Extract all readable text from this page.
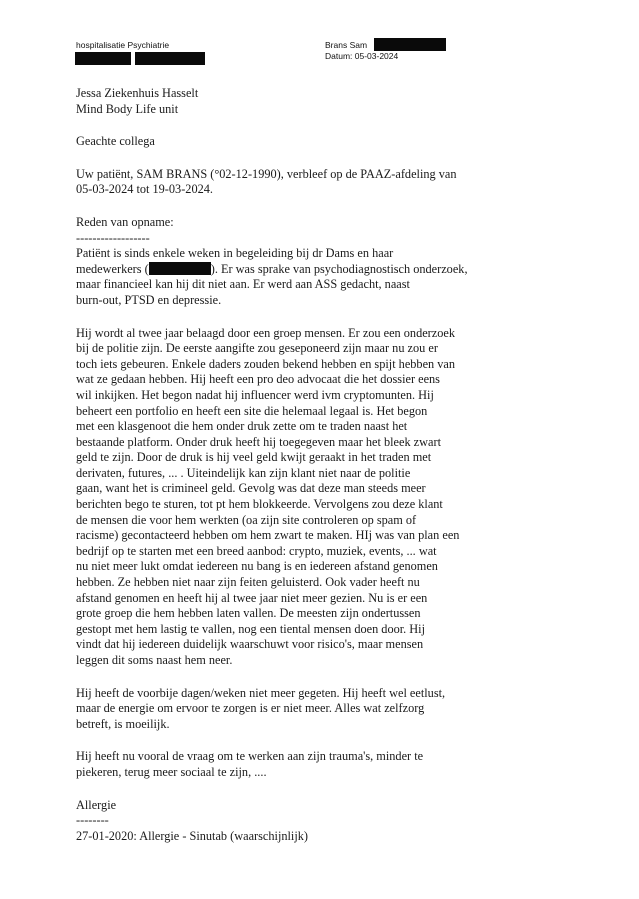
hospitalisatie Psychiatrie	Brans Sam
Datum: 05-03-2024
Jessa Ziekenhuis Hasselt
Mind Body Life unit
Geachte collega
Uw patiënt, SAM BRANS (°02-12-1990), verbleef op de PAAZ-afdeling van
05-03-2024 tot 19-03-2024.
Reden van opname:
------------------
Patiënt is sinds enkele weken in begeleiding bij dr Dams en haar
medewerkers (	). Er was sprake van psychodiagnostisch onderzoek,
maar financieel kan hij dit niet aan. Er werd aan ASS gedacht, naast
burn-out, PTSD en depressie.
Hij wordt al twee jaar belaagd door een groep mensen. Er zou een onderzoek
bij de politie zijn. De eerste aangifte zou geseponeerd zijn maar nu zou er
toch iets gebeuren. Enkele daders zouden bekend hebben en spijt hebben van
wat ze gedaan hebben. Hij heeft een pro deo advocaat die het dossier eens
wil inkijken. Het begon nadat hij influencer werd ivm cryptomunten. Hij
beheert een portfolio en heeft een site die helemaal legaal is. Het begon
met een klasgenoot die hem onder druk zette om te traden naast het
bestaande platform. Onder druk heeft hij toegegeven maar het bleek zwart
geld te zijn. Door de druk is hij veel geld kwijt geraakt in het traden met
derivaten, futures, ... . Uiteindelijk kan zijn klant niet naar de politie
gaan, want het is crimineel geld. Gevolg was dat deze man steeds meer
berichten bego te sturen, tot pt hem blokkeerde. Vervolgens zou deze klant
de mensen die voor hem werkten (oa zijn site controleren op spam of
racisme) gecontacteerd hebben om hem zwart te maken. HIj was van plan een
bedrijf op te starten met een breed aanbod: crypto, muziek, events, ... wat
nu niet meer lukt omdat iedereen nu bang is en iedereen afstand genomen
hebben. Ze hebben niet naar zijn feiten geluisterd. Ook vader heeft nu
afstand genomen en heeft hij al twee jaar niet meer gezien. Nu is er een
grote groep die hem hebben laten vallen. De meesten zijn ondertussen
gestopt met hem lastig te vallen, nog een tiental mensen doen door. Hij
vindt dat hij iedereen duidelijk waarschuwt voor risico's, maar mensen
leggen dit soms naast hem neer.
Hij heeft de voorbije dagen/weken niet meer gegeten. Hij heeft wel eetlust,
maar de energie om ervoor te zorgen is er niet meer. Alles wat zelfzorg
betreft, is moeilijk.
Hij heeft nu vooral de vraag om te werken aan zijn trauma's, minder te
piekeren, terug meer sociaal te zijn, ....
Allergie
--------
27-01-2020: Allergie - Sinutab (waarschijnlijk)
